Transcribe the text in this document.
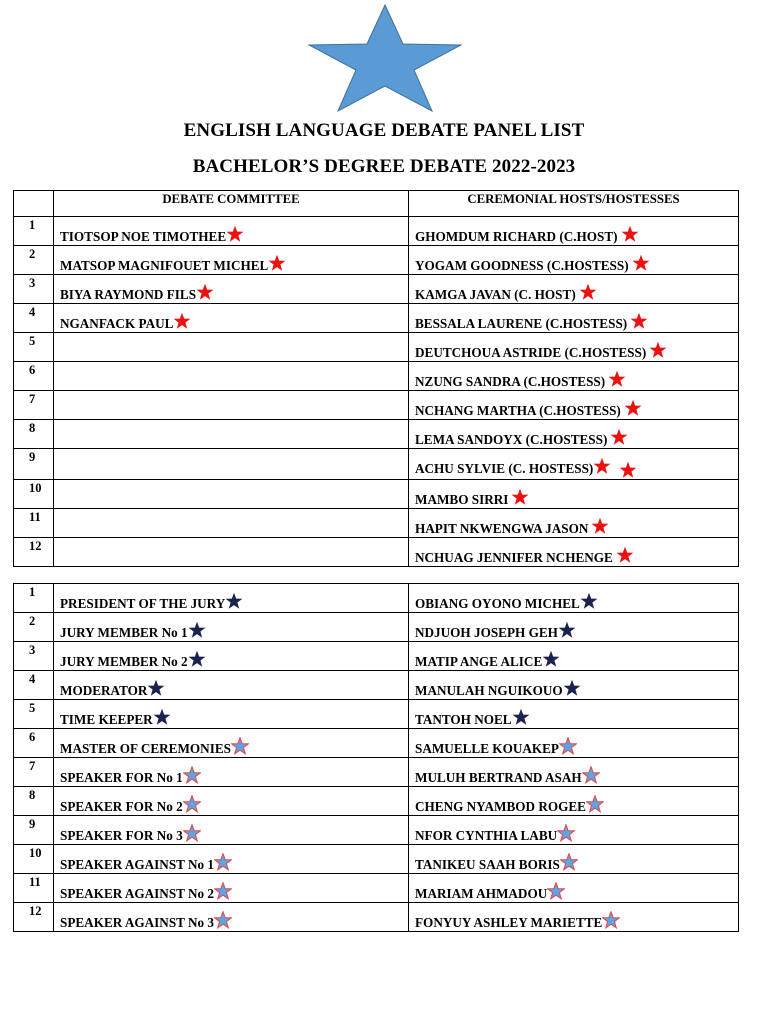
ENGLISH LANGUAGE DEBATE PANEL LIST
BACHELOR’S DEGREE DEBATE 2022-2023
	DEBATE COMMITTEE	CEREMONIAL HOSTS/HOSTESSES
1	TIOTSOP NOE TIMOTHEE	GHOMDUM RICHARD (C.HOST)
2	MATSOP MAGNIFOUET MICHEL	YOGAM GOODNESS (C.HOSTESS)
3	BIYA RAYMOND FILS	KAMGA JAVAN (C. HOST)
4	NGANFACK PAUL	BESSALA LAURENE (C.HOSTESS)
5		DEUTCHOUA ASTRIDE (C.HOSTESS)
6		NZUNG SANDRA (C.HOSTESS)
7		NCHANG MARTHA (C.HOSTESS)
8		LEMA SANDOYX (C.HOSTESS)
9		ACHU SYLVIE (C. HOSTESS)
10		MAMBO SIRRI
11		HAPIT NKWENGWA JASON
12		NCHUAG JENNIFER NCHENGE
1	PRESIDENT OF THE JURY	OBIANG OYONO MICHEL
2	JURY MEMBER No 1	NDJUOH JOSEPH GEH
3	JURY MEMBER No 2	MATIP ANGE ALICE
4	MODERATOR	MANULAH NGUIKOUO
5	TIME KEEPER	TANTOH NOEL
6	MASTER OF CEREMONIES	SAMUELLE KOUAKEP
7	SPEAKER FOR No 1	MULUH BERTRAND ASAH
8	SPEAKER FOR No 2	CHENG NYAMBOD ROGEE
9	SPEAKER FOR No 3	NFOR CYNTHIA LABU
10	SPEAKER AGAINST No 1	TANIKEU SAAH BORIS
11	SPEAKER AGAINST No 2	MARIAM AHMADOU
12	SPEAKER AGAINST No 3	FONYUY ASHLEY MARIETTE
